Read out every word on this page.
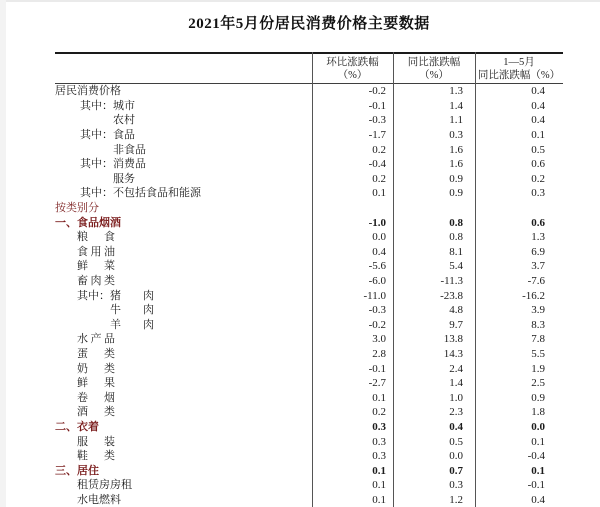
2021年5月份居民消费价格主要数据
环比涨跌幅
（%）
同比涨跌幅
（%）
1—5月
同比涨跌幅（%）
居民消费价格	-0.2	1.3	0.4
其中： 城市	-0.1	1.4	0.4
农村	-0.3	1.1	0.4
其中： 食品	-1.7	0.3	0.1
非食品	0.2	1.6	0.5
其中： 消费品	-0.4	1.6	0.6
服务	0.2	0.9	0.2
其中： 不包括食品和能源	0.1	0.9	0.3
按类别分
一、食品烟酒	-1.0	0.8	0.6
粮食	0.0	0.8	1.3
食用油	0.4	8.1	6.9
鲜菜	-5.6	5.4	3.7
畜肉类	-6.0	-11.3	-7.6
其中： 猪肉	-11.0	-23.8	-16.2
牛肉	-0.3	4.8	3.9
羊肉	-0.2	9.7	8.3
水产品	3.0	13.8	7.8
蛋类	2.8	14.3	5.5
奶类	-0.1	2.4	1.9
鲜果	-2.7	1.4	2.5
卷烟	0.1	1.0	0.9
酒类	0.2	2.3	1.8
二、衣着	0.3	0.4	0.0
服装	0.3	0.5	0.1
鞋类	0.3	0.0	-0.4
三、居住	0.1	0.7	0.1
租赁房房租	0.1	0.3	-0.1
水电燃料	0.1	1.2	0.4
